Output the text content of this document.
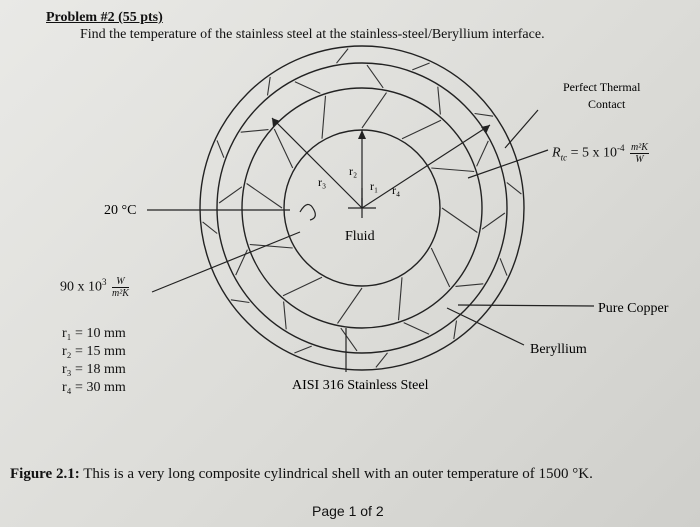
Problem #2 (55 pts)
Find the temperature of the stainless steel at the stainless-steel/Beryllium interface.
Fluid
r₂
r₃	r₁ r₄
20 °C
Perfect Thermal
Contact
Pure Copper
Beryllium
AISI 316 Stainless Steel
$R_{tc} = 5$ x $10^{-4} \frac{\text{m²K}}{W}$
90 x $10^3 \frac{W}{\text{m²K}}$
r₁ = 10 mm
r₂ = 15 mm
r₃ = 18 mm
r₄ = 30 mm
Figure 2.1: This is a very long composite cylindrical shell with an outer temperature of 1500 °K.
Page 1 of 2
